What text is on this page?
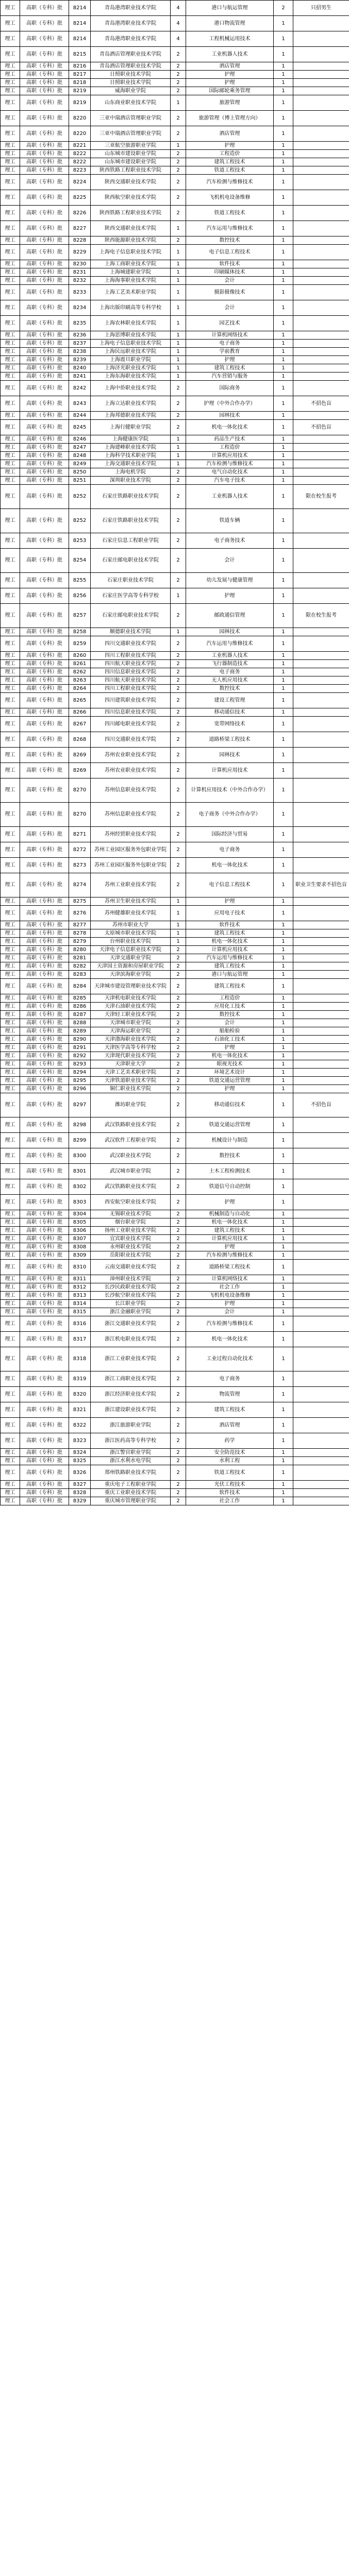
理工	高职（专科）批	8214	青岛港湾职业技术学院	4	港口与航运管理	2	只招男生
理工	高职（专科）批	8214	青岛港湾职业技术学院	4	港口物流管理	1	
理工	高职（专科）批	8214	青岛港湾职业技术学院	4	工程机械运用技术	1	
理工	高职（专科）批	8215	青岛酒店管理职业技术学院	2	工业机器人技术	1	
理工	高职（专科）批	8216	青岛酒店管理职业技术学院	2	酒店管理	1	
理工	高职（专科）批	8217	日照职业技术学院	2	护理	1	
理工	高职（专科）批	8218	日照职业技术学院	2	护理	1	
理工	高职（专科）批	8219	威海职业学院	2	国际邮轮乘务管理	1	
理工	高职（专科）批	8219	山东商业职业技术学院	1	旅游管理	1	
理工	高职（专科）批	8220	三亚中瑞酒店管理职业学院	2	旅游管理（博上管理方向）	1	
理工	高职（专科）批	8220	三亚中瑞酒店管理职业学院	2	酒店管理	1	
理工	高职（专科）批	8221	三亚航空旅游职业学院	1	护理	1	
理工	高职（专科）批	8222	山东城市建设职业学院	2	工程造价	1	
理工	高职（专科）批	8222	山东城市建设职业学院	2	建筑工程技术	1	
理工	高职（专科）批	8223	陕西铁路工程职业技术学院	2	铁道工程技术	1	
理工	高职（专科）批	8224	陕西交通职业技术学院	2	汽车检测与维修技术	1	
理工	高职（专科）批	8225	陕西航空职业技术学院	2	飞机机电设备维修	1	
理工	高职（专科）批	8226	陕西铁路工程职业技术学院	2	铁道工程技术	1	
理工	高职（专科）批	8227	陕西交通职业技术学院	1	汽车运用与维修技术	1	
理工	高职（专科）批	8228	陕西能源职业技术学院	2	数控技术	1	
理工	高职（专科）批	8229	上海电子信息职业技术学院	1	电子信息工程技术	1	
理工	高职（专科）批	8230	上海工商职业技术学院	1	软件技术	1	
理工	高职（专科）批	8231	上海城建职业学院	1	印刷媒体技术	1	
理工	高职（专科）批	8232	上海海事职业技术学院	1	会计	1	
理工	高职（专科）批	8233	上海工艺美术职业学院	1	摄影摄像技术	1	
理工	高职（专科）批	8234	上海出版印刷高等专科学校	1	会计	1	
理工	高职（专科）批	8235	上海农林职业技术学院	1	园艺技术	1	
理工	高职（专科）批	8236	上海思博职业技术学院	1	计算机网络技术	1	
理工	高职（专科）批	8237	上海电子信息职业技术学院	1	电子商务	1	
理工	高职（专科）批	8238	上海民远职业技术学院	1	学前教育	1	
理工	高职（专科）批	8239	上海震旦职业学院	1	护理	1	
理工	高职（专科）批	8240	上海济光职业技术学院	1	建筑工程技术	1	
理工	高职（专科）批	8241	上海东海职业技术学院	1	汽车营销与服务	1	
理工	高职（专科）批	8242	上海中侨职业技术学院	2	国际商务	1	
理工	高职（专科）批	8243	上海立达职业技术学院	2	护理（中外合作办学）	1	不招色盲
理工	高职（专科）批	8244	上海邦德职业技术学院	2	园林技术	1	
理工	高职（专科）批	8245	上海行健职业学院	2	机电一体化技术	1	不招色盲
理工	高职（专科）批	8246	上海健康医学院	1	药品生产技术	1	
理工	高职（专科）批	8247	上海建峰职业技术学院	1	工程造价	1	
理工	高职（专科）批	8248	上海科学技术职业学院	1	计算机应用技术	1	
理工	高职（专科）批	8249	上海交通职业技术学院	1	汽车检测与维修技术	1	
理工	高职（专科）批	8250	上海电机学院	2	电气自动化技术	1	
理工	高职（专科）批	8251	深圳职业技术学院	2	汽车电子技术	1	
理工	高职（专科）批	8252	石家庄铁路职业技术学院	2	工业机器人技术	1	限在校生报考
理工	高职（专科）批	8252	石家庄铁路职业技术学院	2	铁道车辆	1	
理工	高职（专科）批	8253	石家庄信息工程职业学院	2	电子商务技术	1	
理工	高职（专科）批	8254	石家庄邮电职业技术学院	2	会计	1	
理工	高职（专科）批	8255	石家庄职业技术学院	2	幼儿发展与健康管理	1	
理工	高职（专科）批	8256	石家庄医学高等专科学校	1	护理	1	
理工	高职（专科）批	8257	石家庄邮电职业技术学院	2	邮政通信管理	1	限在校生报考
理工	高职（专科）批	8258	顺德职业技术学院	1	园林技术	1	
理工	高职（专科）批	8259	四川交通职业技术学院	2	汽车运用与维修技术	1	
理工	高职（专科）批	8260	四川工程职业技术学院	2	工业机器人技术	1	
理工	高职（专科）批	8261	四川航天职业技术学院	2	飞行器制造技术	1	
理工	高职（专科）批	8262	四川信息职业技术学院	2	电子商务	1	
理工	高职（专科）批	8263	四川航天职业技术学院	2	无人机应用技术	1	
理工	高职（专科）批	8264	四川工程职业技术学院	2	数控技术	1	
理工	高职（专科）批	8265	四川建筑职业技术学院	2	建设工程管理	1	
理工	高职（专科）批	8266	四川信息职业技术学院	2	移动通信技术	1	
理工	高职（专科）批	8267	四川邮电职业技术学院	2	宽带网络技术	1	
理工	高职（专科）批	8268	四川交通职业技术学院	2	道路桥梁工程技术	1	
理工	高职（专科）批	8269	苏州农业职业技术学院	2	园林技术	1	
理工	高职（专科）批	8269	苏州农业职业技术学院	2	计算机应用技术	1	
理工	高职（专科）批	8270	苏州信息职业技术学院	2	计算机应用技术（中外合作办学）	1	
理工	高职（专科）批	8270	苏州信息职业技术学院	2	电子商务（中外合作办学）	1	
理工	高职（专科）批	8271	苏州经贸职业技术学院	2	国际经济与贸易	1	
理工	高职（专科）批	8272	苏州工业园区服务外包职业学院	2	电子商务	1	
理工	高职（专科）批	8273	苏州工业园区服务外包职业学院	2	机电一体化技术	1	
理工	高职（专科）批	8274	苏州工业职业技术学院	2	电子信息工程技术	1	职业卫生要求不招色盲
理工	高职（专科）批	8275	苏州卫生职业技术学院	1	护理	1	
理工	高职（专科）批	8276	苏州健雄职业技术学院	1	应用电子技术	1	
理工	高职（专科）批	8277	苏州市职业大学	1	软件技术	1	
理工	高职（专科）批	8278	太原城市职业技术学院	1	建筑工程技术	1	
理工	高职（专科）批	8279	台州职业技术学院	1	机电一体化技术	1	
理工	高职（专科）批	8280	天津电子信息职业技术学院	2	计算机应用技术	1	
理工	高职（专科）批	8281	天津交通职业学院	2	汽车运用与维修技术	1	
理工	高职（专科）批	8282	天津国土资源和房屋职业学院	2	建筑工程技术	1	
理工	高职（专科）批	8283	天津滨海职业学院	2	港口与航运管理	1	
理工	高职（专科）批	8284	天津城市建设管理职业技术学院	2	建筑工程技术	1	
理工	高职（专科）批	8285	天津机电职业技术学院	2	工程造价	1	
理工	高职（专科）批	8286	天津石油职业技术学院	2	应用化工技术	1	
理工	高职（专科）批	8287	天津轻工职业技术学院	2	数控技术	1	
理工	高职（专科）批	8288	天津城市职业学院	2	会计	1	
理工	高职（专科）批	8289	天津海运职业学院	2	船舶检验	1	
理工	高职（专科）批	8290	天津渤海职业技术学院	2	石油化工技术	1	
理工	高职（专科）批	8291	天津医学高等专科学校	2	护理	1	
理工	高职（专科）批	8292	天津现代职业技术学院	2	机电一体化技术	1	
理工	高职（专科）批	8293	天津职业大学	2	眼视光技术	1	
理工	高职（专科）批	8294	天津工艺美术职业学院	2	环境艺术设计	1	
理工	高职（专科）批	8295	天津铁道职业技术学院	2	铁道交通运营管理	1	
理工	高职（专科）批	8296	铜仁职业技术学院	2	护理	1	
理工	高职（专科）批	8297	潍坊职业学院	2	移动通信技术	1	不招色盲
理工	高职（专科）批	8298	武汉铁路职业技术学院	2	铁道交通运营管理	1	
理工	高职（专科）批	8299	武汉软件工程职业学院	2	机械设计与制造	1	
理工	高职（专科）批	8300	武汉职业技术学院	2	数控技术	1	
理工	高职（专科）批	8301	武汉城市职业学院	2	土木工程检测技术	1	
理工	高职（专科）批	8302	武汉铁路职业技术学院	2	铁道信号自动控制	1	
理工	高职（专科）批	8303	西安航空职业技术学院	2	护理	1	
理工	高职（专科）批	8304	无锡职业技术学院	2	机械制造与自动化	1	
理工	高职（专科）批	8305	烟台职业学院	2	机电一体化技术	1	
理工	高职（专科）批	8306	扬州工业职业技术学院	2	建筑工程技术	1	
理工	高职（专科）批	8307	宜宾职业技术学院	2	计算机应用技术	1	
理工	高职（专科）批	8308	永州职业技术学院	2	护理	1	
理工	高职（专科）批	8309	岳阳职业技术学院	2	汽车检测与维修技术	1	
理工	高职（专科）批	8310	云南交通职业技术学院	2	道路桥梁工程技术	1	
理工	高职（专科）批	8311	漳州职业技术学院	2	计算机网络技术	1	
理工	高职（专科）批	8312	长沙民政职业技术学院	2	社会工作	1	
理工	高职（专科）批	8313	长沙航空职业技术学院	2	飞机机电设备维修	1	
理工	高职（专科）批	8314	长江职业学院	2	护理	1	
理工	高职（专科）批	8315	浙江金融职业学院	2	会计	1	
理工	高职（专科）批	8316	浙江交通职业技术学院	2	汽车检测与维修技术	1	
理工	高职（专科）批	8317	浙江机电职业技术学院	2	机电一体化技术	1	
理工	高职（专科）批	8318	浙江工业职业技术学院	2	工业过程自动化技术	1	
理工	高职（专科）批	8319	浙江工商职业技术学院	2	电子商务	1	
理工	高职（专科）批	8320	浙江经济职业技术学院	2	物流管理	1	
理工	高职（专科）批	8321	浙江建设职业技术学院	2	建筑工程技术	1	
理工	高职（专科）批	8322	浙江旅游职业学院	2	酒店管理	1	
理工	高职（专科）批	8323	浙江医药高等专科学校	2	药学	1	
理工	高职（专科）批	8324	浙江警官职业学院	2	安全防范技术	1	
理工	高职（专科）批	8325	浙江水利水电学院	2	水利工程	1	
理工	高职（专科）批	8326	郑州铁路职业技术学院	2	铁道工程技术	1	
理工	高职（专科）批	8327	重庆电子工程职业学院	2	光伏工程技术	1	
理工	高职（专科）批	8328	重庆工业职业技术学院	2	软件技术	1	
理工	高职（专科）批	8329	重庆城市管理职业学院	2	社会工作	1	
